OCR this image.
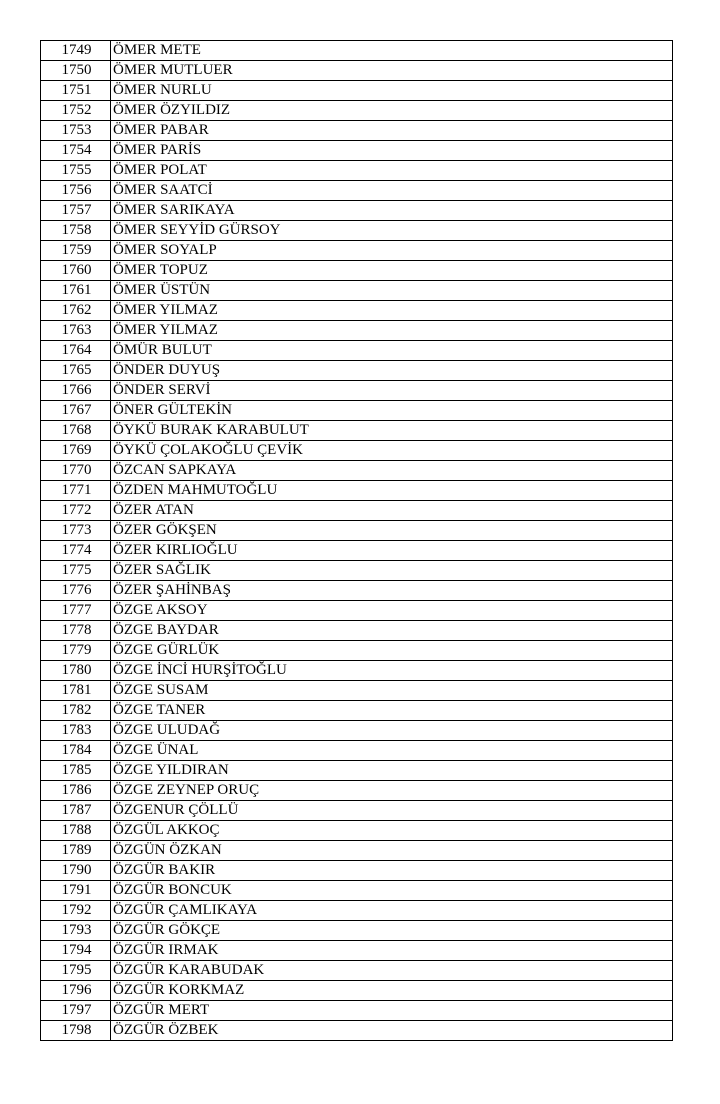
1749	ÖMER METE
1750	ÖMER MUTLUER
1751	ÖMER NURLU
1752	ÖMER ÖZYILDIZ
1753	ÖMER PABAR
1754	ÖMER PARİS
1755	ÖMER POLAT
1756	ÖMER SAATCİ
1757	ÖMER SARIKAYA
1758	ÖMER SEYYİD GÜRSOY
1759	ÖMER SOYALP
1760	ÖMER TOPUZ
1761	ÖMER ÜSTÜN
1762	ÖMER YILMAZ
1763	ÖMER YILMAZ
1764	ÖMÜR BULUT
1765	ÖNDER DUYUŞ
1766	ÖNDER SERVİ
1767	ÖNER GÜLTEKİN
1768	ÖYKÜ BURAK KARABULUT
1769	ÖYKÜ ÇOLAKOĞLU ÇEVİK
1770	ÖZCAN SAPKAYA
1771	ÖZDEN MAHMUTOĞLU
1772	ÖZER ATAN
1773	ÖZER GÖKŞEN
1774	ÖZER KIRLIOĞLU
1775	ÖZER SAĞLIK
1776	ÖZER ŞAHİNBAŞ
1777	ÖZGE AKSOY
1778	ÖZGE BAYDAR
1779	ÖZGE GÜRLÜK
1780	ÖZGE İNCİ HURŞİTOĞLU
1781	ÖZGE SUSAM
1782	ÖZGE TANER
1783	ÖZGE ULUDAĞ
1784	ÖZGE ÜNAL
1785	ÖZGE YILDIRAN
1786	ÖZGE ZEYNEP ORUÇ
1787	ÖZGENUR ÇÖLLÜ
1788	ÖZGÜL AKKOÇ
1789	ÖZGÜN ÖZKAN
1790	ÖZGÜR BAKIR
1791	ÖZGÜR BONCUK
1792	ÖZGÜR ÇAMLIKAYA
1793	ÖZGÜR GÖKÇE
1794	ÖZGÜR IRMAK
1795	ÖZGÜR KARABUDAK
1796	ÖZGÜR KORKMAZ
1797	ÖZGÜR MERT
1798	ÖZGÜR ÖZBEK
